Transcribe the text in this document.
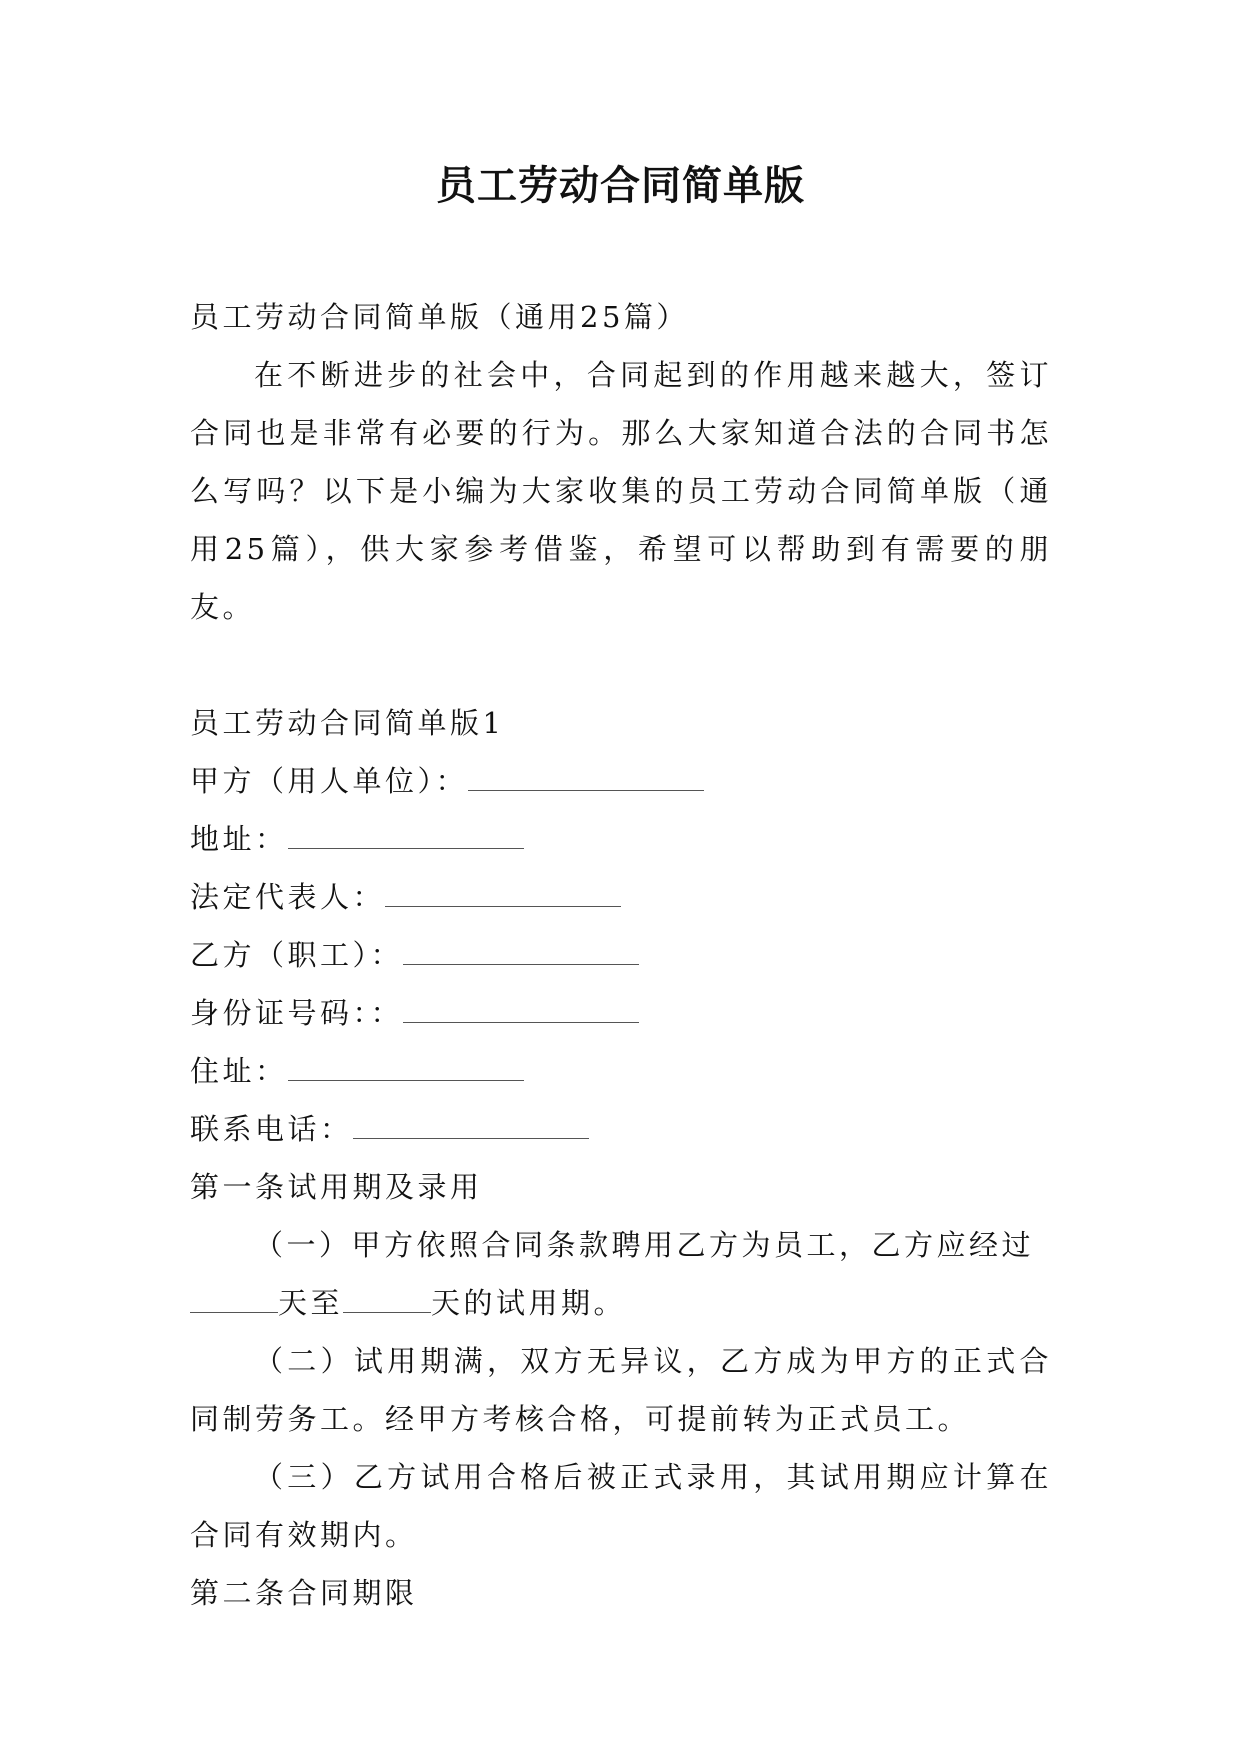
员工劳动合同简单版

员工劳动合同简单版（通用25篇）

在不断进步的社会中，合同起到的作用越来越大，签订合同也是非常有必要的行为。那么大家知道合法的合同书怎么写吗？以下是小编为大家收集的员工劳动合同简单版（通用25篇），供大家参考借鉴，希望可以帮助到有需要的朋友。

员工劳动合同简单版1

甲方（用人单位）：

地址：

法定代表人：

乙方（职工）：

身份证号码：：

住址：

联系电话：

第一条试用期及录用

（一）甲方依照合同条款聘用乙方为员工，乙方应经过

天至	天的试用期。

（二）试用期满，双方无异议，乙方成为甲方的正式合同制劳务工。经甲方考核合格，可提前转为正式员工。

（三）乙方试用合格后被正式录用，其试用期应计算在合同有效期内。

第二条合同期限
